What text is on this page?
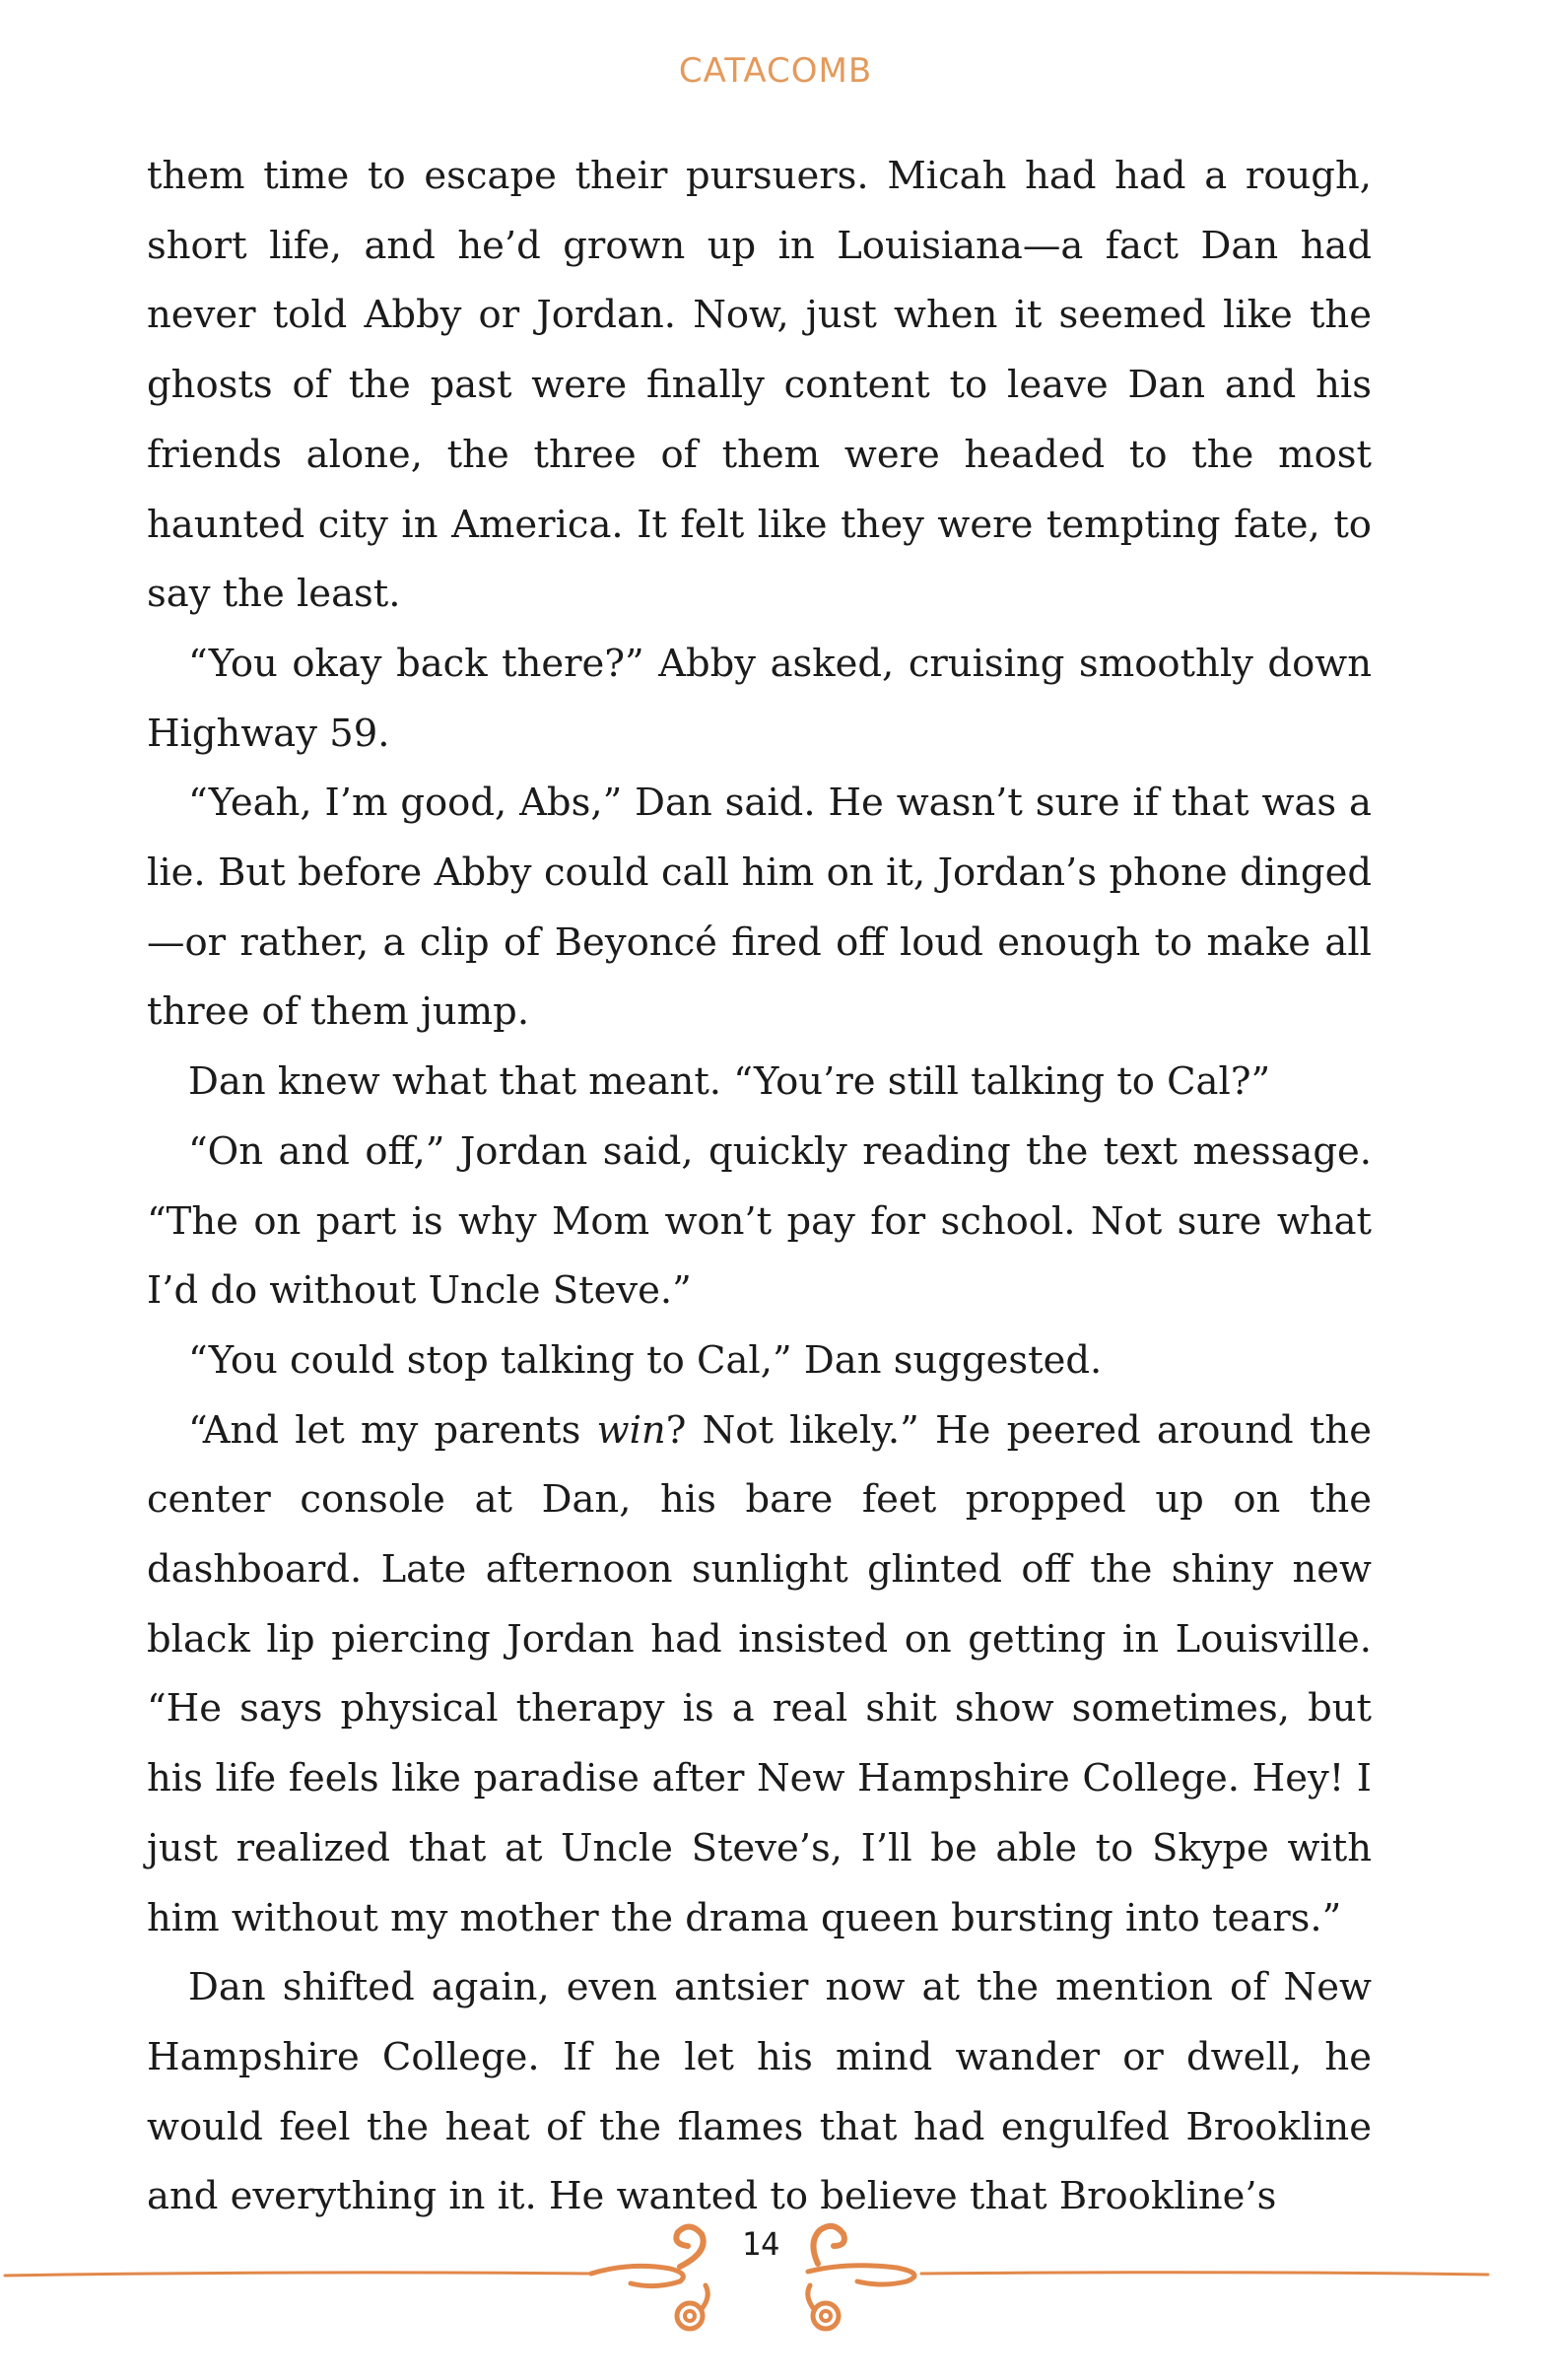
CATACOMB

them time to escape their pursuers. Micah had had a rough, short life, and he’d grown up in Louisiana—a fact Dan had never told Abby or Jordan. Now, just when it seemed like the ghosts of the past were finally content to leave Dan and his friends alone, the three of them were headed to the most haunted city in America. It felt like they were tempting fate, to say the least.

“You okay back there?” Abby asked, cruising smoothly down Highway 59.

“Yeah, I’m good, Abs,” Dan said. He wasn’t sure if that was a lie. But before Abby could call him on it, Jordan’s phone dinged—or rather, a clip of Beyoncé fired off loud enough to make all three of them jump.

Dan knew what that meant. “You’re still talking to Cal?”

“On and off,” Jordan said, quickly reading the text message. “The on part is why Mom won’t pay for school. Not sure what I’d do without Uncle Steve.”

“You could stop talking to Cal,” Dan suggested.

“And let my parents win? Not likely.” He peered around the center console at Dan, his bare feet propped up on the dashboard. Late afternoon sunlight glinted off the shiny new black lip piercing Jordan had insisted on getting in Louisville. “He says physical therapy is a real shit show sometimes, but his life feels like paradise after New Hampshire College. Hey! I just realized that at Uncle Steve’s, I’ll be able to Skype with him without my mother the drama queen bursting into tears.”

Dan shifted again, even antsier now at the mention of New Hampshire College. If he let his mind wander or dwell, he would feel the heat of the flames that had engulfed Brookline and everything in it. He wanted to believe that Brookline’s

14
